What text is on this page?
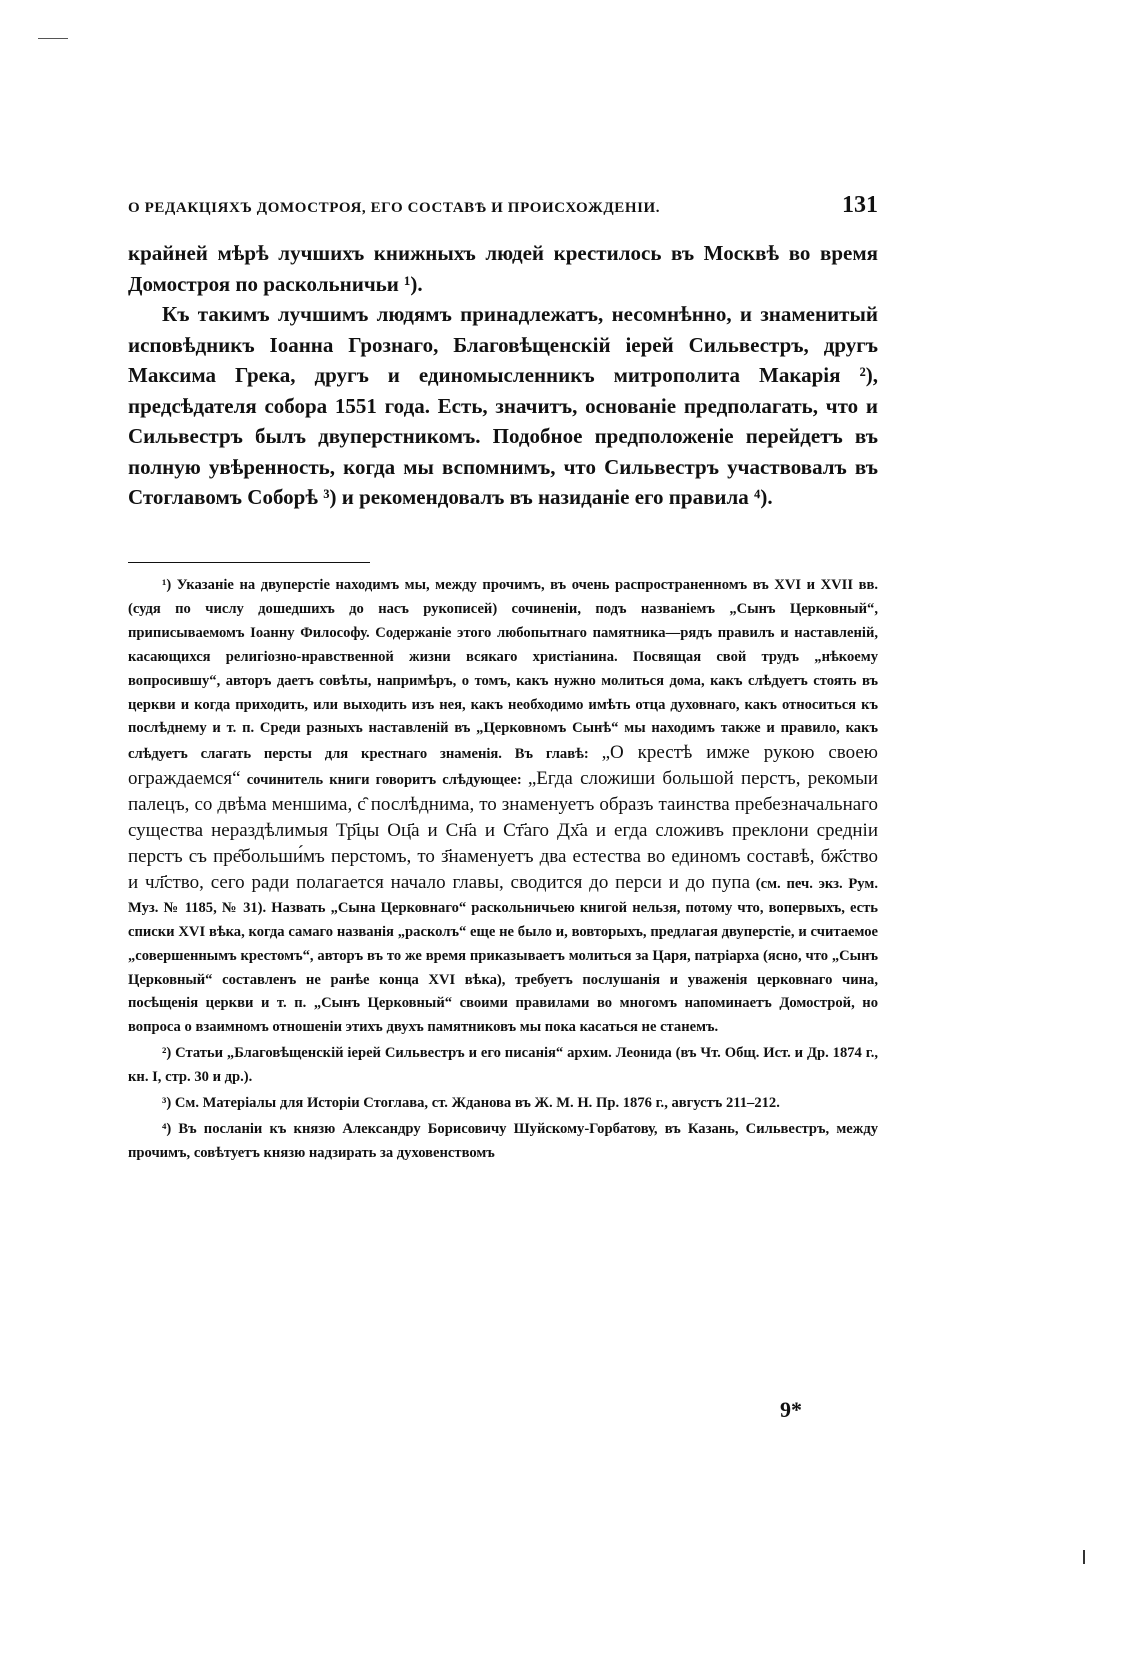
О РЕДАКЦІЯХЪ ДОМОСТРОЯ, ЕГО СОСТАВѢ И ПРОИСХОЖДЕНІИ.	131

крайней мѣрѣ лучшихъ книжныхъ людей крестилось въ Москвѣ во время Домостроя по раскольничьи ¹).

Къ такимъ лучшимъ людямъ принадлежатъ, несомнѣнно, и знаменитый исповѣдникъ Іоанна Грознаго, Благовѣщенскій іерей Сильвестръ, другъ Максима Грека, другъ и единомысленникъ митрополита Макарія ²), предсѣдателя собора 1551 года. Есть, значитъ, основаніе предполагать, что и Сильвестръ былъ двуперстникомъ. Подобное предположеніе перейдетъ въ полную увѣренность, когда мы вспомнимъ, что Сильвестръ участвовалъ въ Стоглавомъ Соборѣ ³) и рекомендовалъ въ назиданіе его правила ⁴).

¹) Указаніе на двуперстіе находимъ мы, между прочимъ, въ очень распространенномъ въ XVI и XVII вв. (судя по числу дошедшихъ до насъ рукописей) сочиненіи, подъ названіемъ „Сынъ Церковный“, приписываемомъ Іоанну Философу. Содержаніе этого любопытнаго памятника—рядъ правилъ и наставленій, касающихся религіозно-нравственной жизни всякаго христіанина. Посвящая свой трудъ „нѣкоему вопросившу“, авторъ даетъ совѣты, напримѣръ, о томъ, какъ нужно молиться дома, какъ слѣдуетъ стоять въ церкви и когда приходить, или выходить изъ нея, какъ необходимо имѣть отца духовнаго, какъ относиться къ послѣднему и т. п. Среди разныхъ наставленій въ „Церковномъ Сынѣ“ мы находимъ также и правило, какъ слѣдуетъ слагать персты для крестнаго знаменія. Въ главѣ: „О крестѣ имже рукою своею ограждаемся“ сочинитель книги говоритъ слѣдующее: „Егда сложиши большой перстъ, рекомыи палецъ, со двѣма меншима, с̑ послѣднима, то знаменуетъ образъ таинства пребезначальнаго существа нераздѣлимыя Тр҃цы Оц҃а и Сн҃а и Ст҃аго Дх҃а и егда сложивъ преклони средніи перстъ съ пре̑больши́мъ перстомъ, то з҃наменуетъ два естества во единомъ составѣ, бж҃ство и чл҃ство, сего ради полагается начало главы, сводится до перси и до пупа (см. печ. экз. Рум. Муз. № 1185, № 31). Назвать „Сына Церковнаго“ раскольничьею книгой нельзя, потому что, вопервыхъ, есть списки XVI вѣка, когда самаго названія „расколъ“ еще не было и, вовторыхъ, предлагая двуперстіе, и считаемое „совершеннымъ крестомъ“, авторъ въ то же время приказываетъ молиться за Царя, патріарха (ясно, что „Сынъ Церковный“ составленъ не ранѣе конца XVI вѣка), требуетъ послушанія и уваженія церковнаго чина, посѣщенія церкви и т. п. „Сынъ Церковный“ своими правилами во многомъ напоминаетъ Домострой, но вопроса о взаимномъ отношеніи этихъ двухъ памятниковъ мы пока касаться не станемъ.

²) Статьи „Благовѣщенскій іерей Сильвестръ и его писанія“ архим. Леонида (въ Чт. Общ. Ист. и Др. 1874 г., кн. I, стр. 30 и др.).

³) См. Матеріалы для Исторіи Стоглава, ст. Жданова въ Ж. М. Н. Пр. 1876 г., августъ 211–212.

⁴) Въ посланіи къ князю Александру Борисовичу Шуйскому-Горбатову, въ Казань, Сильвестръ, между прочимъ, совѣтуетъ князю надзирать за духовенствомъ

9*
